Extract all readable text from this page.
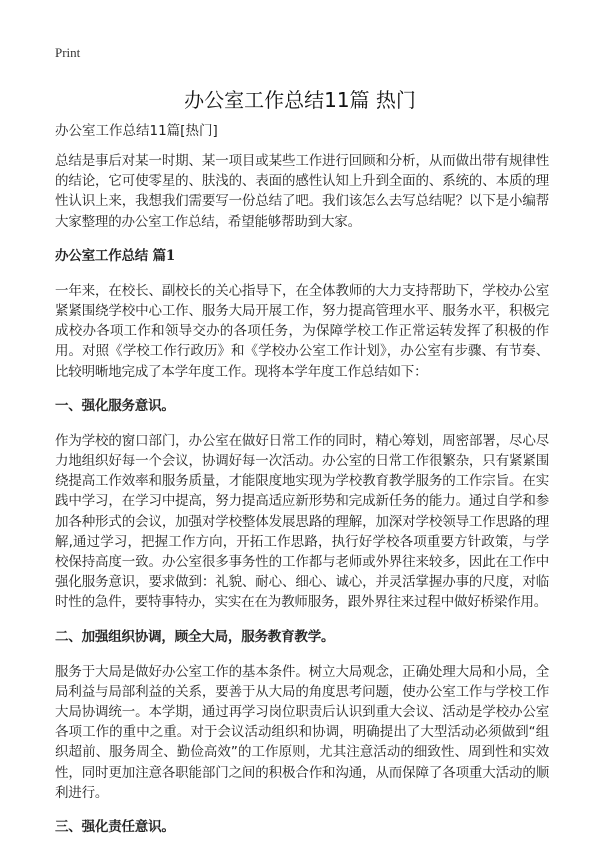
Print
办公室工作总结11篇 热门
办公室工作总结11篇[热门]

总结是事后对某一时期、某一项目或某些工作进行回顾和分析，从而做出带有规律性的结论，它可使零星的、肤浅的、表面的感性认知上升到全面的、系统的、本质的理性认识上来，我想我们需要写一份总结了吧。我们该怎么去写总结呢？以下是小编帮大家整理的办公室工作总结，希望能够帮助到大家。

办公室工作总结 篇1

一年来，在校长、副校长的关心指导下，在全体教师的大力支持帮助下，学校办公室紧紧围绕学校中心工作、服务大局开展工作，努力提高管理水平、服务水平，积极完成校办各项工作和领导交办的各项任务，为保障学校工作正常运转发挥了积极的作用。对照《学校工作行政历》和《学校办公室工作计划》，办公室有步骤、有节奏、比较明晰地完成了本学年度工作。现将本学年度工作总结如下：

一、强化服务意识。

作为学校的窗口部门，办公室在做好日常工作的同时，精心筹划，周密部署，尽心尽力地组织好每一个会议，协调好每一次活动。办公室的日常工作很繁杂，只有紧紧围绕提高工作效率和服务质量，才能限度地实现为学校教育教学服务的工作宗旨。在实践中学习，在学习中提高，努力提高适应新形势和完成新任务的能力。通过自学和参加各种形式的会议，加强对学校整体发展思路的理解，加深对学校领导工作思路的理解,通过学习，把握工作方向，开拓工作思路，执行好学校各项重要方针政策，与学校保持高度一致。办公室很多事务性的工作都与老师或外界往来较多，因此在工作中强化服务意识，要求做到：礼貌、耐心、细心、诚心，并灵活掌握办事的尺度，对临时性的急件，要特事特办，实实在在为教师服务，跟外界往来过程中做好桥梁作用。

二、加强组织协调，顾全大局，服务教育教学。

服务于大局是做好办公室工作的基本条件。树立大局观念，正确处理大局和小局，全局利益与局部利益的关系，要善于从大局的角度思考问题，使办公室工作与学校工作大局协调统一。本学期，通过再学习岗位职责后认识到重大会议、活动是学校办公室各项工作的重中之重。对于会议活动组织和协调，明确提出了大型活动必须做到“组织超前、服务周全、勤俭高效”的工作原则，尤其注意活动的细致性、周到性和实效性，同时更加注意各职能部门之间的积极合作和沟通，从而保障了各项重大活动的顺利进行。

三、强化责任意识。
